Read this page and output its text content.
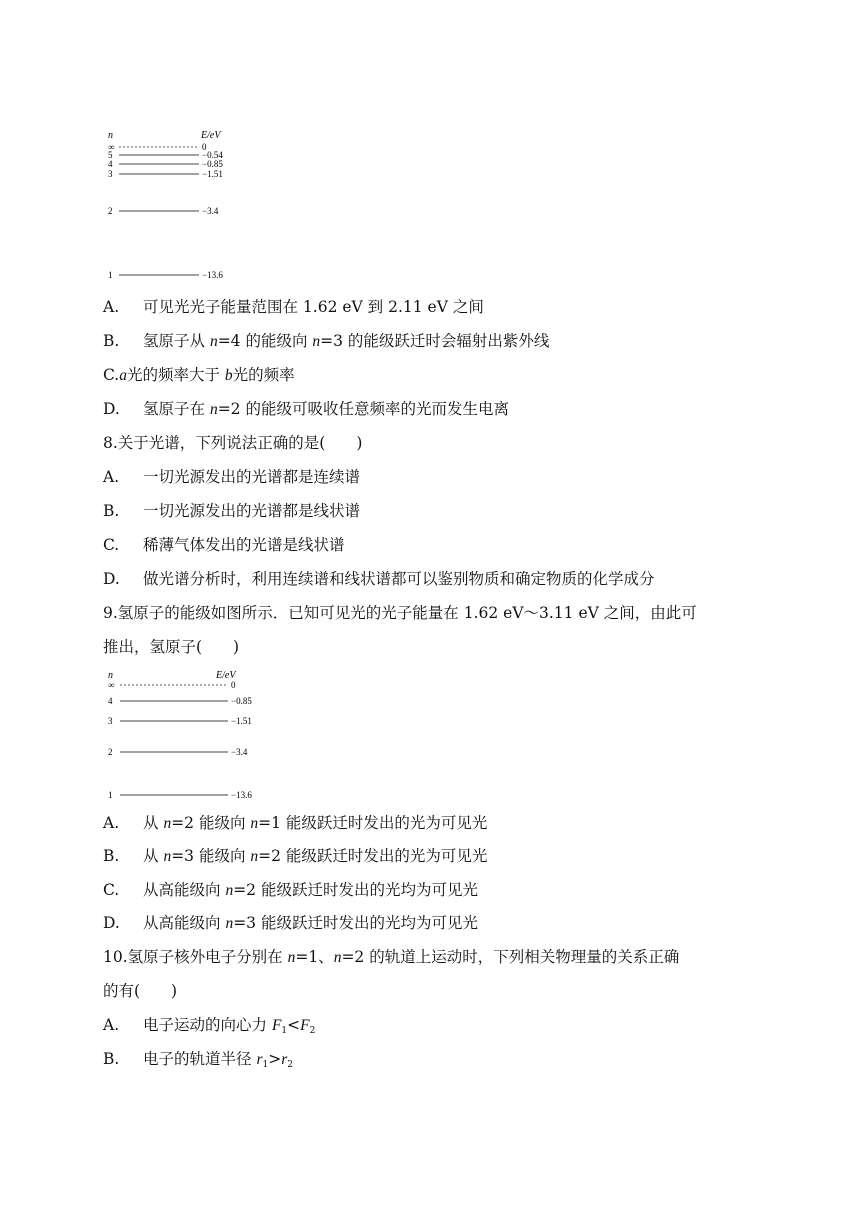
n	E/eV
∞	0
5	−0.54
4	−0.85
3	−1.51
2	−3.4
1	−13.6
A. 可见光光子能量范围在 1.62 eV 到 2.11 eV 之间
B. 氢原子从 n=4 的能级向 n=3 的能级跃迁时会辐射出紫外线
C.a光的频率大于 b光的频率
D. 氢原子在 n=2 的能级可吸收任意频率的光而发生电离
8.关于光谱，下列说法正确的是(　　)
A. 一切光源发出的光谱都是连续谱
B. 一切光源发出的光谱都是线状谱
C. 稀薄气体发出的光谱是线状谱
D. 做光谱分析时，利用连续谱和线状谱都可以鉴别物质和确定物质的化学成分
9.氢原子的能级如图所示．已知可见光的光子能量在 1.62 eV～3.11 eV 之间，由此可
推出，氢原子(　　)
n	E/eV
∞	0
4	−0.85
3	−1.51
2	−3.4
1	−13.6
A. 从 n=2 能级向 n=1 能级跃迁时发出的光为可见光
B. 从 n=3 能级向 n=2 能级跃迁时发出的光为可见光
C. 从高能级向 n=2 能级跃迁时发出的光均为可见光
D. 从高能级向 n=3 能级跃迁时发出的光均为可见光
10.氢原子核外电子分别在 n=1、n=2 的轨道上运动时，下列相关物理量的关系正确
的有(　　)
A. 电子运动的向心力 $F_1<F_2$
B. 电子的轨道半径 $r_1>r_2$
